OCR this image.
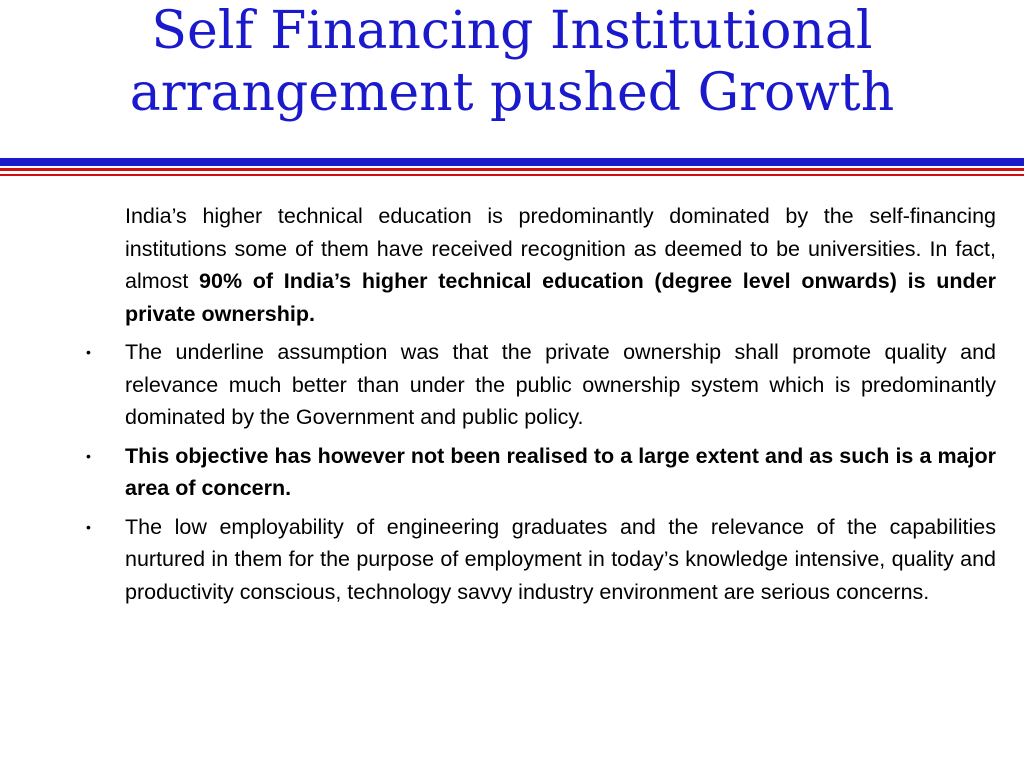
Self Financing Institutional
arrangement pushed Growth

India’s higher technical education is predominantly dominated by the self-financing institutions some of them have received recognition as deemed to be universities. In fact, almost 90% of India’s higher technical education (degree level onwards) is under private ownership.

• The underline assumption was that the private ownership shall promote quality and relevance much better than under the public ownership system which is predominantly dominated by the Government and public policy.

• This objective has however not been realised to a large extent and as such is a major area of concern.

• The low employability of engineering graduates and the relevance of the capabilities nurtured in them for the purpose of employment in today’s knowledge intensive, quality and productivity conscious, technology savvy industry environment are serious concerns.
